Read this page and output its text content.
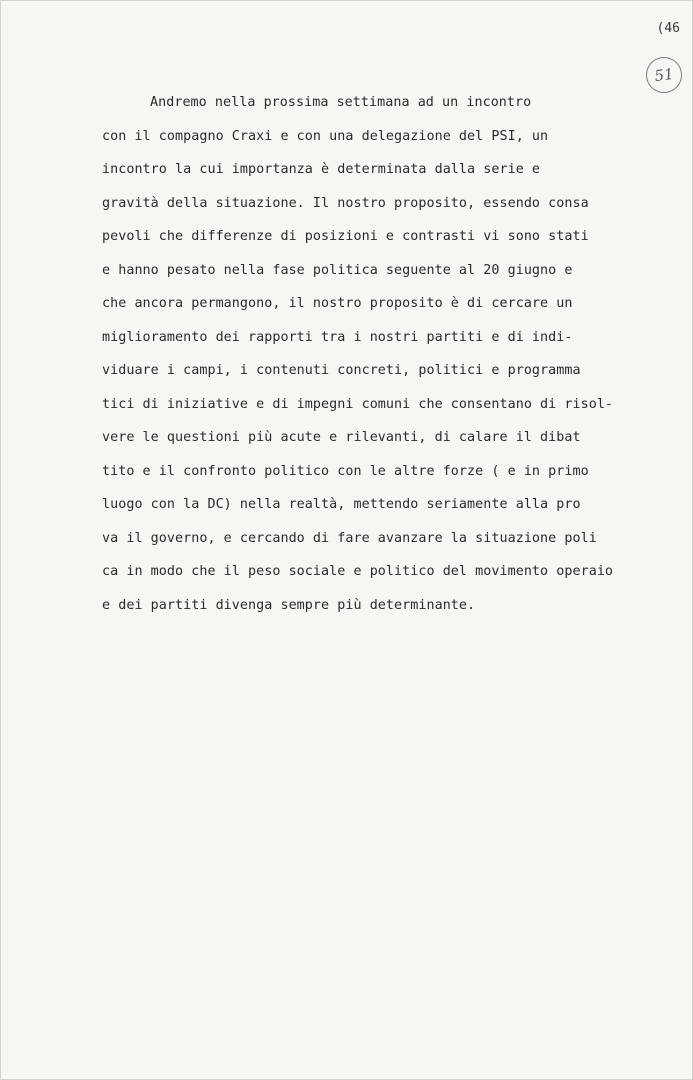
(46
51
Andremo nella prossima settimana ad un incontro
con il compagno Craxi e con una delegazione del PSI, un
incontro la cui importanza è determinata dalla serie e
gravità della situazione. Il nostro proposito, essendo consa
pevoli che differenze di posizioni e contrasti vi sono stati
e hanno pesato nella fase politica seguente al 20 giugno e
che ancora permangono, il nostro proposito è di cercare un
miglioramento dei rapporti tra i nostri partiti e di indi-
viduare i campi, i contenuti concreti, politici e programma
tici di iniziative e di impegni comuni che consentano di risol-
vere le questioni più acute e rilevanti, di calare il dibat
tito e il confronto politico con le altre forze ( e in primo
luogo con la DC) nella realtà, mettendo seriamente alla pro
va il governo, e cercando di fare avanzare la situazione poli
ca in modo che il peso sociale e politico del movimento operaio
e dei partiti divenga sempre più determinante.
